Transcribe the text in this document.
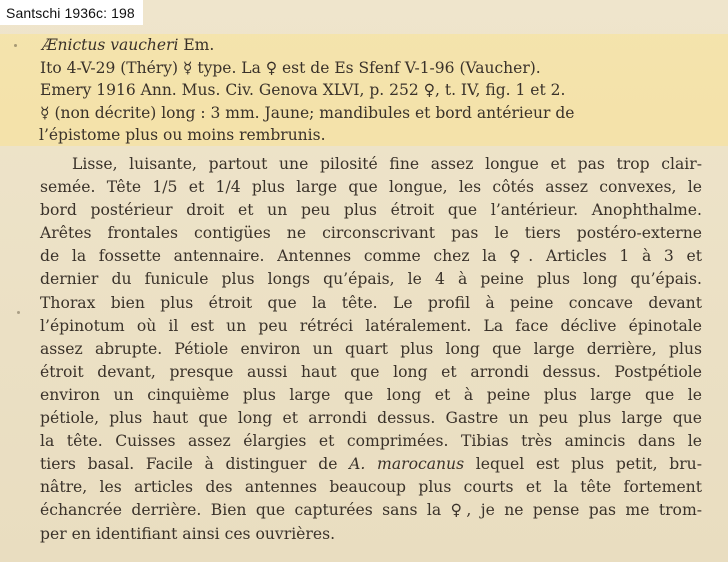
Santschi 1936c: 198
Ænictus vaucheri Em.
Ito 4-V-29 (Théry) ☿ type. La ♀ est de Es Sfenf V-1-96 (Vaucher).
Emery 1916 Ann. Mus. Civ. Genova XLVI, p. 252 ♀, t. IV, fig. 1 et 2.
☿ (non décrite) long : 3 mm. Jaune; mandibules et bord antérieur de
l’épistome plus ou moins rembrunis.
Lisse, luisante, partout une pilosité fine assez longue et pas trop clair-
semée. Tête 1/5 et 1/4 plus large que longue, les côtés assez convexes, le
bord postérieur droit et un peu plus étroit que l’antérieur. Anophthalme.
Arêtes frontales contigües ne circonscrivant pas le tiers postéro-externe
de la fossette antennaire. Antennes comme chez la ♀. Articles 1 à 3 et
dernier du funicule plus longs qu’épais, le 4 à peine plus long qu’épais.
Thorax bien plus étroit que la tête. Le profil à peine concave devant
l’épinotum où il est un peu rétréci latéralement. La face déclive épinotale
assez abrupte. Pétiole environ un quart plus long que large derrière, plus
étroit devant, presque aussi haut que long et arrondi dessus. Postpétiole
environ un cinquième plus large que long et à peine plus large que le
pétiole, plus haut que long et arrondi dessus. Gastre un peu plus large que
la tête. Cuisses assez élargies et comprimées. Tibias très amincis dans le
tiers basal. Facile à distinguer de A. marocanus lequel est plus petit, bru-
nâtre, les articles des antennes beaucoup plus courts et la tête fortement
échancrée derrière. Bien que capturées sans la ♀, je ne pense pas me trom-
per en identifiant ainsi ces ouvrières.
